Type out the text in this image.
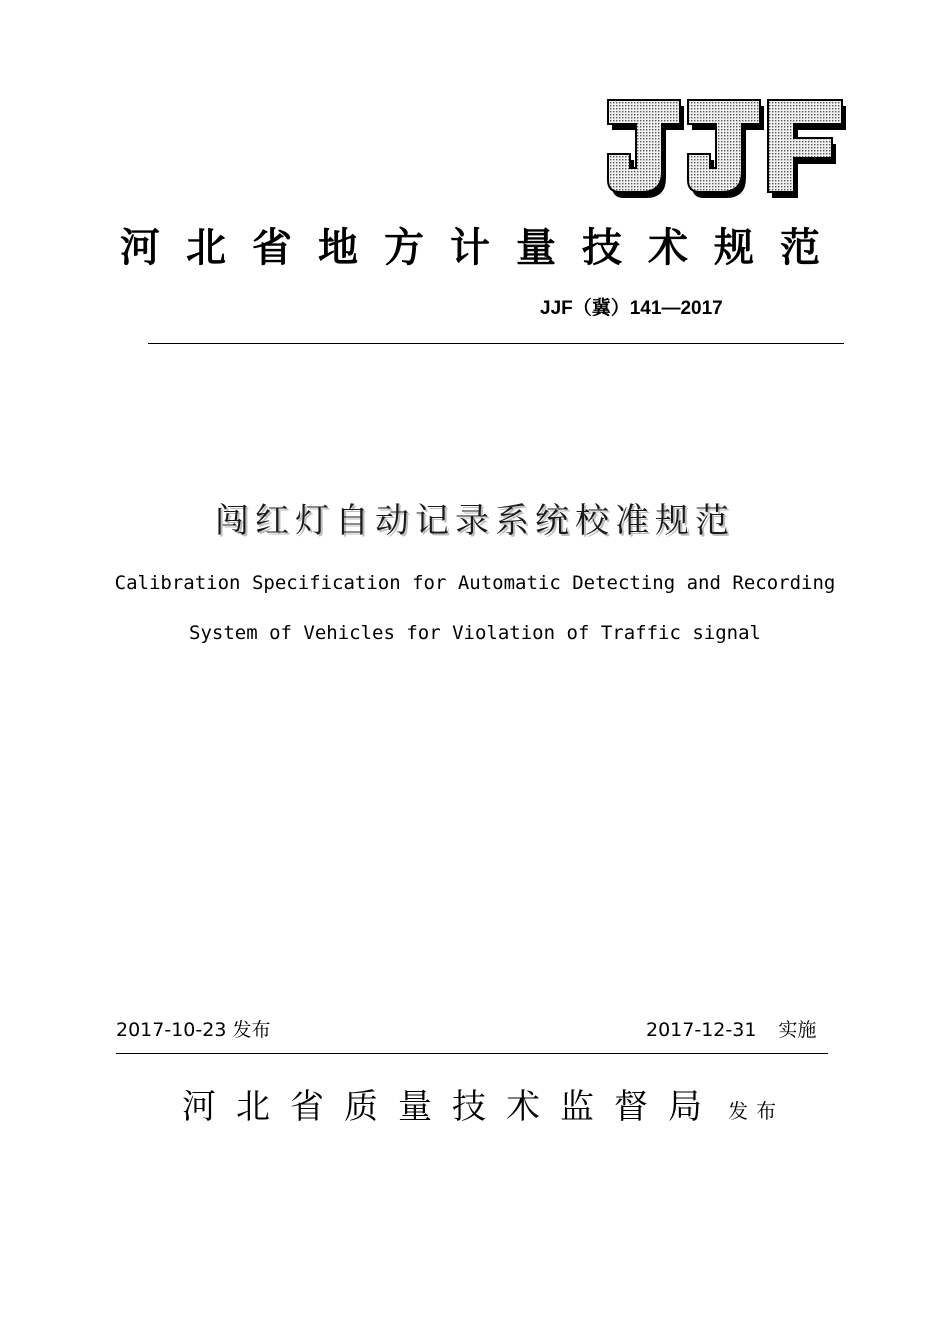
河北省地方计量技术规范
JJF（冀）141—2017
闯红灯自动记录系统校准规范
Calibration Specification for Automatic Detecting and Recording
System of Vehicles for Violation of Traffic signal
2017-10-23 发布	2017-12-31 实施
河北省质量技术监督局 发布
